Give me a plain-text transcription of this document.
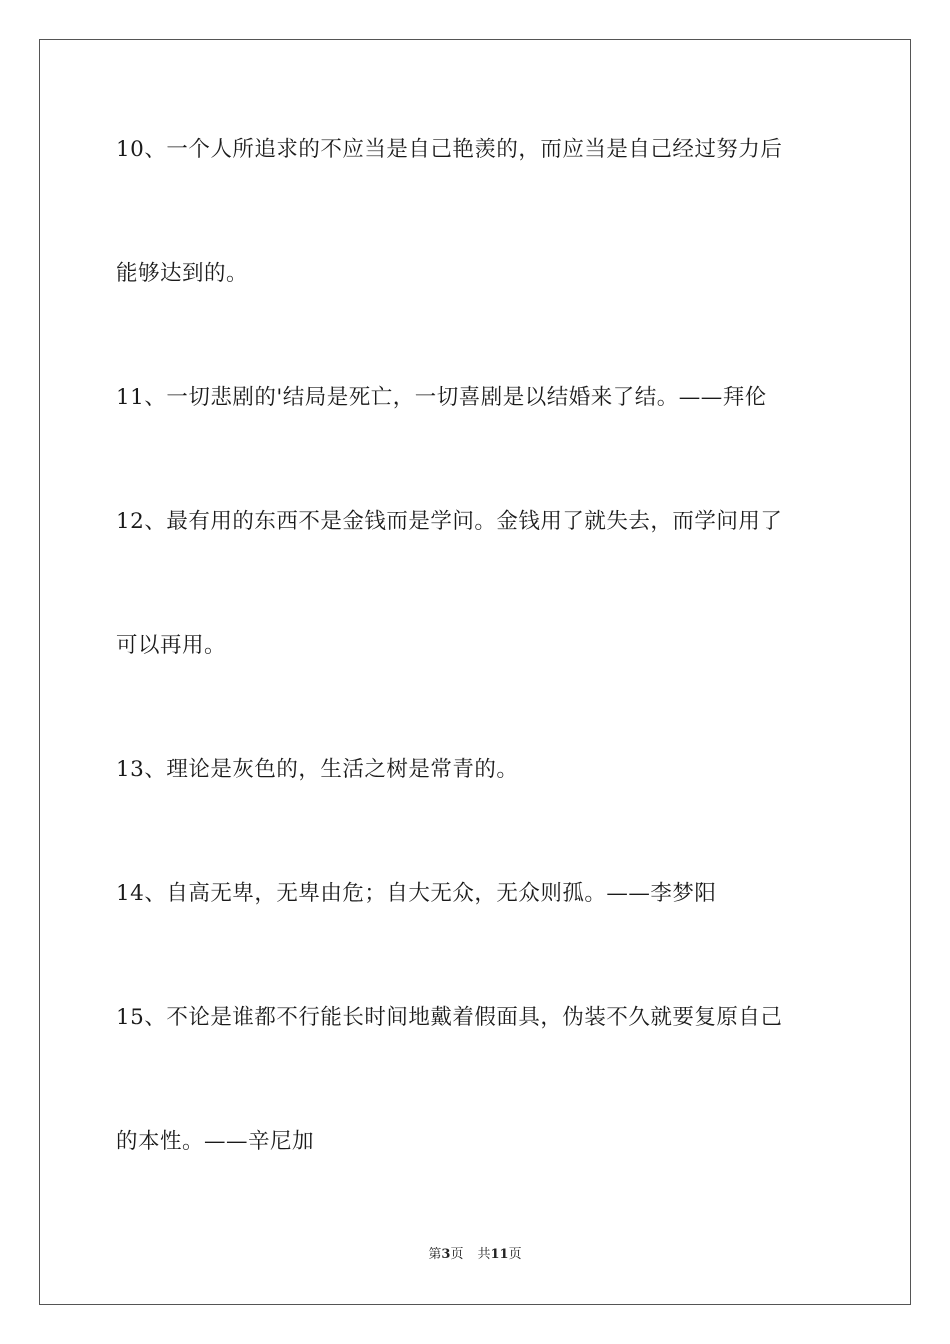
10、一个人所追求的不应当是自己艳羡的，而应当是自己经过努力后
能够达到的。
11、一切悲剧的'结局是死亡，一切喜剧是以结婚来了结。——拜伦
12、最有用的东西不是金钱而是学问。金钱用了就失去，而学问用了
可以再用。
13、理论是灰色的，生活之树是常青的。
14、自高无卑，无卑由危；自大无众，无众则孤。——李梦阳
15、不论是谁都不行能长时间地戴着假面具，伪装不久就要复原自己
的本性。——辛尼加
第3页 共11页
